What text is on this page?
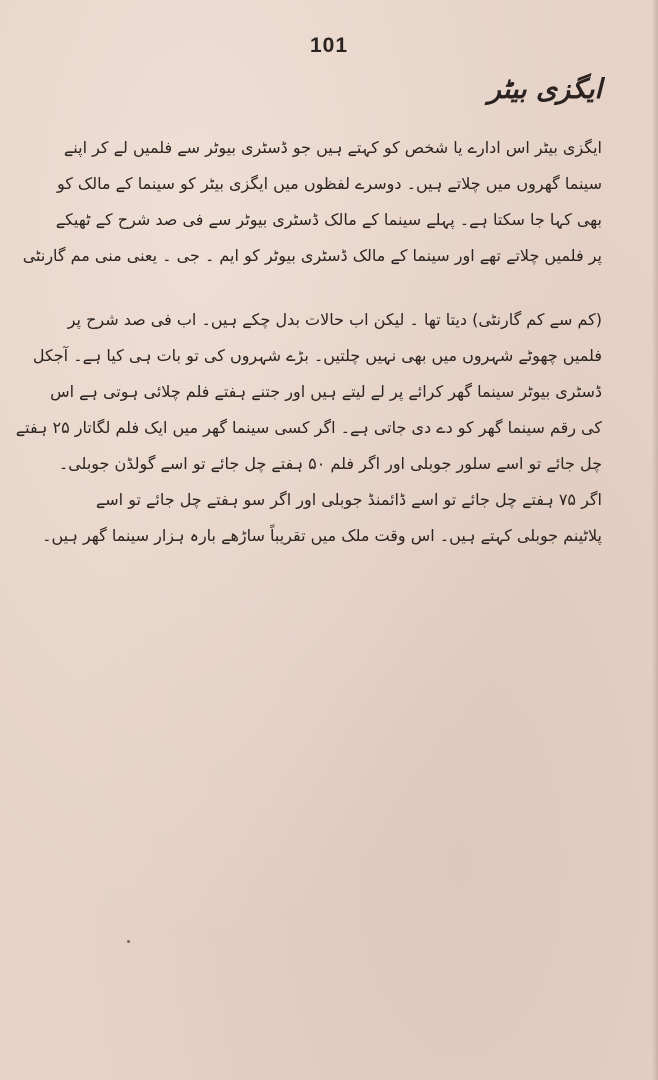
101
ایگزی بیٹر
ایگزی بیٹر اس ادارے یا شخص کو کہتے ہیں جو ڈسٹری بیوٹر سے فلمیں لے کر اپنے
سینما گھروں میں چلاتے ہیں۔ دوسرے لفظوں میں ایگزی بیٹر کو سینما کے مالک کو
بھی کہا جا سکتا ہے۔ پہلے سینما کے مالک ڈسٹری بیوٹر سے فی صد شرح کے ٹھیکے
پر فلمیں چلاتے تھے اور سینما کے مالک ڈسٹری بیوٹر کو ایم ۔ جی ۔ یعنی منی مم گارنٹی
(کم سے کم گارنٹی) دیتا تھا ۔ لیکن اب حالات بدل چکے ہیں۔ اب فی صد شرح پر
فلمیں چھوٹے شہروں میں بھی نہیں چلتیں۔ بڑے شہروں کی تو بات ہی کیا ہے۔ آجکل
ڈسٹری بیوٹر سینما گھر کرائے پر لے لیتے ہیں اور جتنے ہفتے فلم چلائی ہوتی ہے اس
کی رقم سینما گھر کو دے دی جاتی ہے۔ اگر کسی سینما گھر میں ایک فلم لگاتار ۲۵ ہفتے
چل جائے تو اسے سلور جوبلی اور اگر فلم ۵۰ ہفتے چل جائے تو اسے گولڈن جوبلی۔
اگر ۷۵ ہفتے چل جائے تو اسے ڈائمنڈ جوبلی اور اگر سو ہفتے چل جائے تو اسے
پلاٹینم جوبلی کہتے ہیں۔ اس وقت ملک میں تقریباً ساڑھے بارہ ہزار سینما گھر ہیں۔
